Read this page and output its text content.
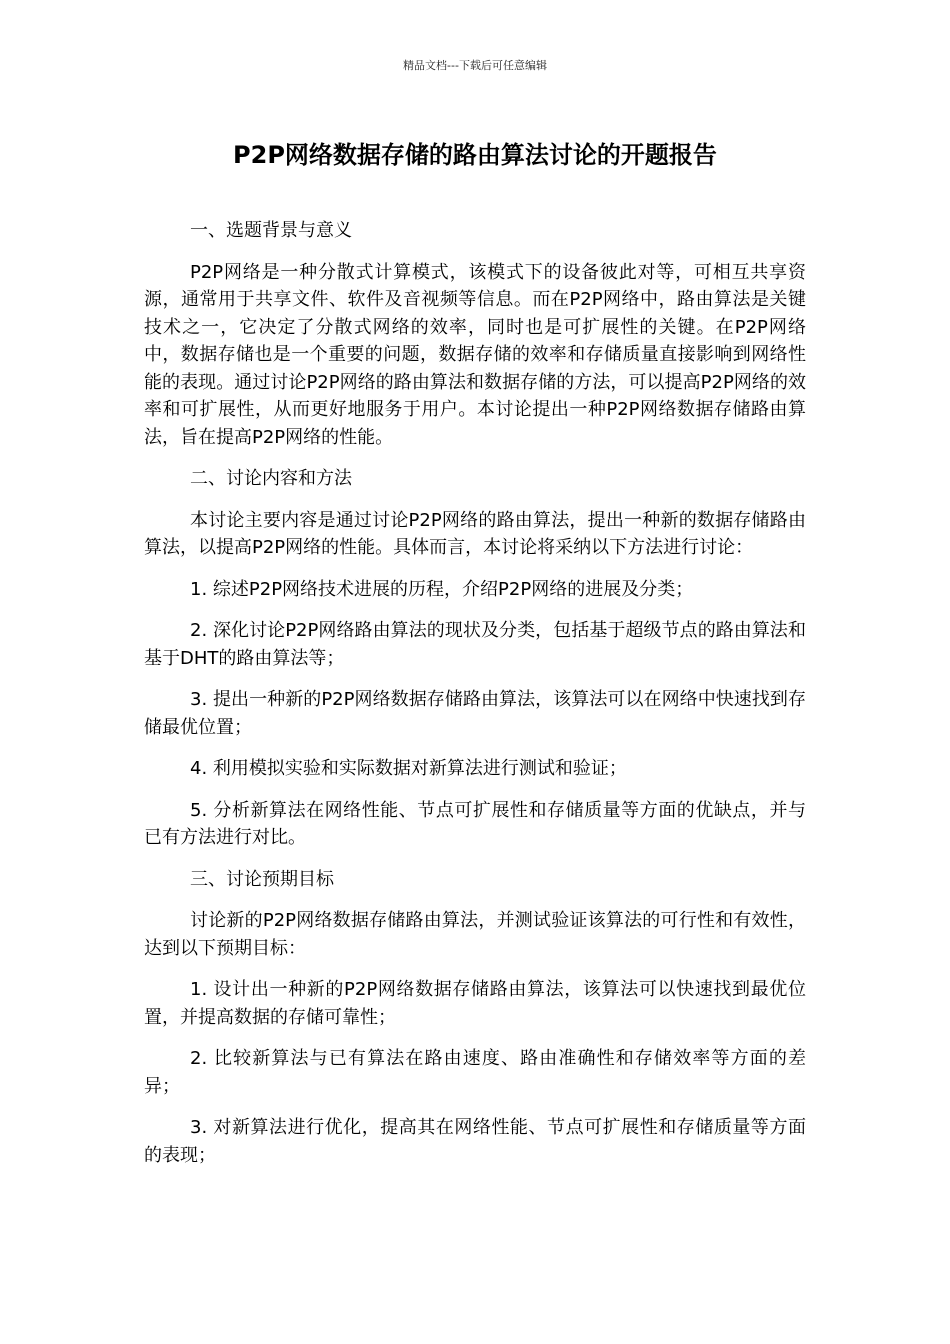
精品文档---下载后可任意编辑
P2P网络数据存储的路由算法讨论的开题报告

一、选题背景与意义

P2P网络是一种分散式计算模式，该模式下的设备彼此对等，可相互共享资源，通常用于共享文件、软件及音视频等信息。而在P2P网络中，路由算法是关键技术之一，它决定了分散式网络的效率，同时也是可扩展性的关键。在P2P网络中，数据存储也是一个重要的问题，数据存储的效率和存储质量直接影响到网络性能的表现。通过讨论P2P网络的路由算法和数据存储的方法，可以提高P2P网络的效率和可扩展性，从而更好地服务于用户。本讨论提出一种P2P网络数据存储路由算法，旨在提高P2P网络的性能。

二、讨论内容和方法

本讨论主要内容是通过讨论P2P网络的路由算法，提出一种新的数据存储路由算法，以提高P2P网络的性能。具体而言，本讨论将采纳以下方法进行讨论：

1. 综述P2P网络技术进展的历程，介绍P2P网络的进展及分类；

2. 深化讨论P2P网络路由算法的现状及分类，包括基于超级节点的路由算法和基于DHT的路由算法等；

3. 提出一种新的P2P网络数据存储路由算法，该算法可以在网络中快速找到存储最优位置；

4. 利用模拟实验和实际数据对新算法进行测试和验证；

5. 分析新算法在网络性能、节点可扩展性和存储质量等方面的优缺点，并与已有方法进行对比。

三、讨论预期目标

讨论新的P2P网络数据存储路由算法，并测试验证该算法的可行性和有效性，达到以下预期目标：

1. 设计出一种新的P2P网络数据存储路由算法，该算法可以快速找到最优位置，并提高数据的存储可靠性；

2. 比较新算法与已有算法在路由速度、路由准确性和存储效率等方面的差异；

3. 对新算法进行优化，提高其在网络性能、节点可扩展性和存储质量等方面的表现；
